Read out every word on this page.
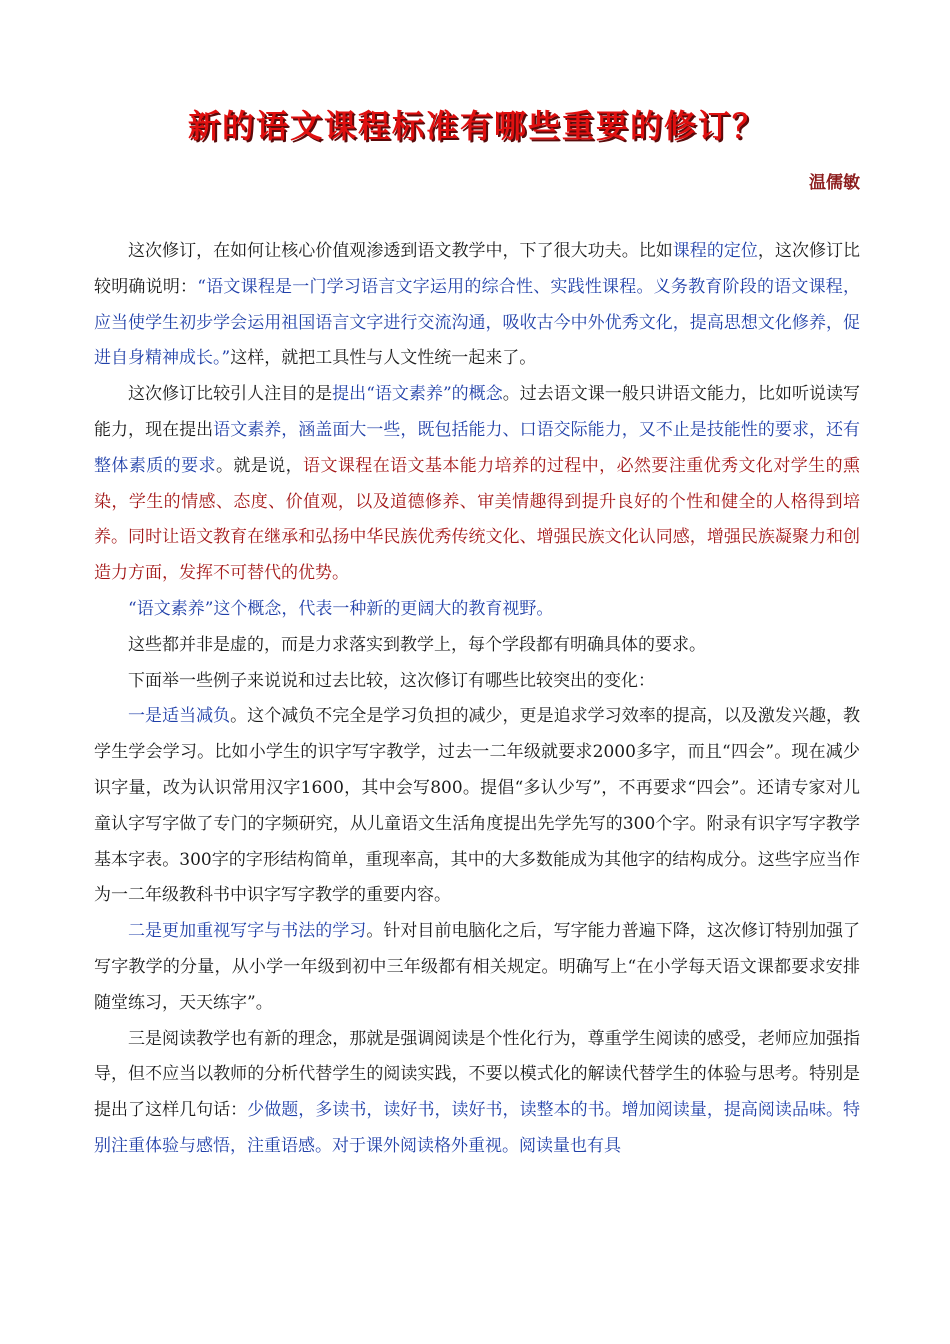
新的语文课程标准有哪些重要的修订？

温儒敏

这次修订，在如何让核心价值观渗透到语文教学中，下了很大功夫。比如课程的定位，这次修订比较明确说明：“语文课程是一门学习语言文字运用的综合性、实践性课程。义务教育阶段的语文课程，应当使学生初步学会运用祖国语言文字进行交流沟通，吸收古今中外优秀文化，提高思想文化修养，促进自身精神成长。”这样，就把工具性与人文性统一起来了。

这次修订比较引人注目的是提出“语文素养”的概念。过去语文课一般只讲语文能力，比如听说读写能力，现在提出语文素养，涵盖面大一些，既包括能力、口语交际能力，又不止是技能性的要求，还有整体素质的要求。就是说，语文课程在语文基本能力培养的过程中，必然要注重优秀文化对学生的熏染，学生的情感、态度、价值观，以及道德修养、审美情趣得到提升良好的个性和健全的人格得到培养。同时让语文教育在继承和弘扬中华民族优秀传统文化、增强民族文化认同感，增强民族凝聚力和创造力方面，发挥不可替代的优势。

“语文素养”这个概念，代表一种新的更阔大的教育视野。

这些都并非是虚的，而是力求落实到教学上，每个学段都有明确具体的要求。

下面举一些例子来说说和过去比较，这次修订有哪些比较突出的变化：

一是适当减负。这个减负不完全是学习负担的减少，更是追求学习效率的提高，以及激发兴趣，教学生学会学习。比如小学生的识字写字教学，过去一二年级就要求2000多字，而且“四会”。现在减少识字量，改为认识常用汉字1600，其中会写800。提倡“多认少写”，不再要求“四会”。还请专家对儿童认字写字做了专门的字频研究，从儿童语文生活角度提出先学先写的300个字。附录有识字写字教学基本字表。300字的字形结构简单，重现率高，其中的大多数能成为其他字的结构成分。这些字应当作为一二年级教科书中识字写字教学的重要内容。

二是更加重视写字与书法的学习。针对目前电脑化之后，写字能力普遍下降，这次修订特别加强了写字教学的分量，从小学一年级到初中三年级都有相关规定。明确写上“在小学每天语文课都要求安排随堂练习，天天练字”。

三是阅读教学也有新的理念，那就是强调阅读是个性化行为，尊重学生阅读的感受，老师应加强指导，但不应当以教师的分析代替学生的阅读实践，不要以模式化的解读代替学生的体验与思考。特别是提出了这样几句话：少做题，多读书，读好书，读好书，读整本的书。增加阅读量，提高阅读品味。特别注重体验与感悟，注重语感。对于课外阅读格外重视。阅读量也有具
